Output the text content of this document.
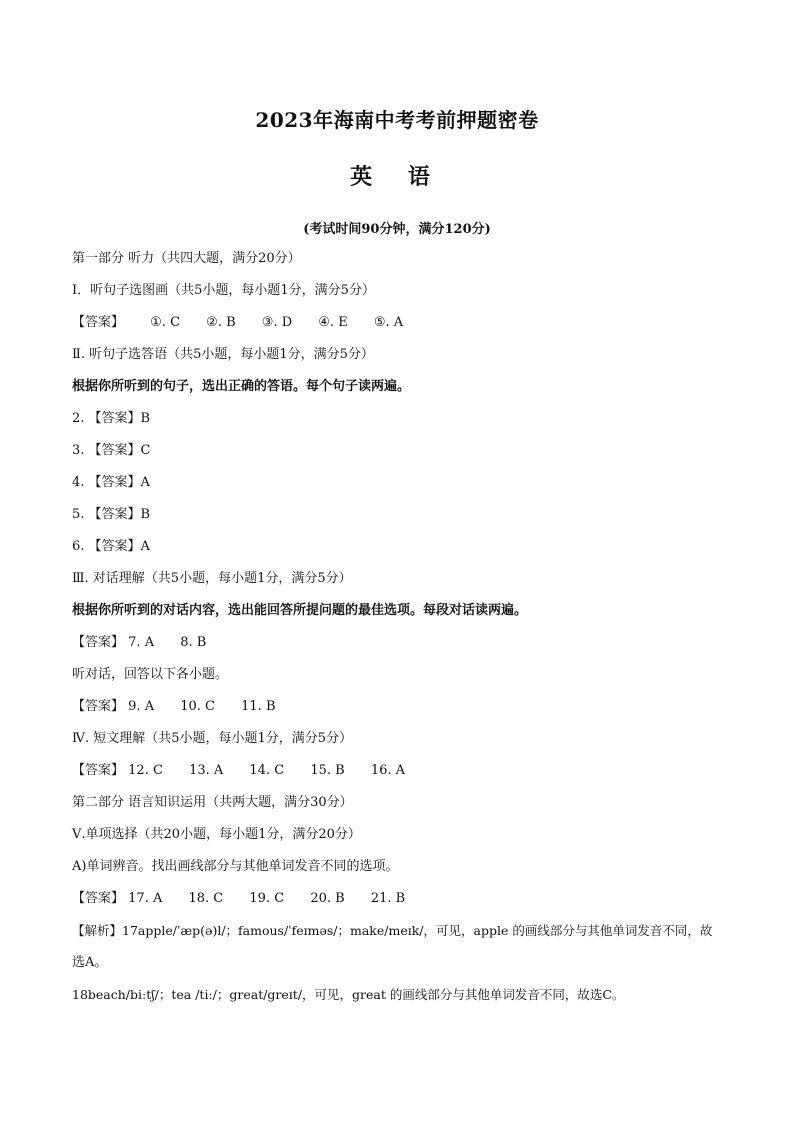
2023年海南中考考前押题密卷
英 语
(考试时间90分钟，满分120分)
第一部分 听力（共四大题，满分20分）
Ⅰ．听句子选图画（共5小题，每小题1分，满分5分）
【答案】 ①. C ②. B ③. D ④. E ⑤. A
Ⅱ. 听句子选答语（共5小题，每小题1分，满分5分）
根据你所听到的句子，选出正确的答语。每个句子读两遍。
2. 【答案】B
3. 【答案】C
4. 【答案】A
5. 【答案】B
6. 【答案】A
Ⅲ. 对话理解（共5小题，每小题1分，满分5分）
根据你所听到的对话内容，选出能回答所提问题的最佳选项。每段对话读两遍。
【答案】 7. A 8. B
听对话，回答以下各小题。
【答案】 9. A 10. C 11. B
Ⅳ. 短文理解（共5小题，每小题1分，满分5分）
【答案】 12. C 13. A 14. C 15. B 16. A
第二部分 语言知识运用（共两大题，满分30分）
Ⅴ.单项选择（共20小题，每小题1分，满分20分）
A)单词辨音。找出画线部分与其他单词发音不同的选项。
【答案】 17. A 18. C 19. C 20. B 21. B
【解析】17apple/ˈæp(ə)l/；famous/ˈfeɪməs/；make/meɪk/，可见，apple 的画线部分与其他单词发音不同，故
选A。
18beach/biːtʃ/；tea /tiː/；great/greɪt/，可见，great 的画线部分与其他单词发音不同，故选C。
